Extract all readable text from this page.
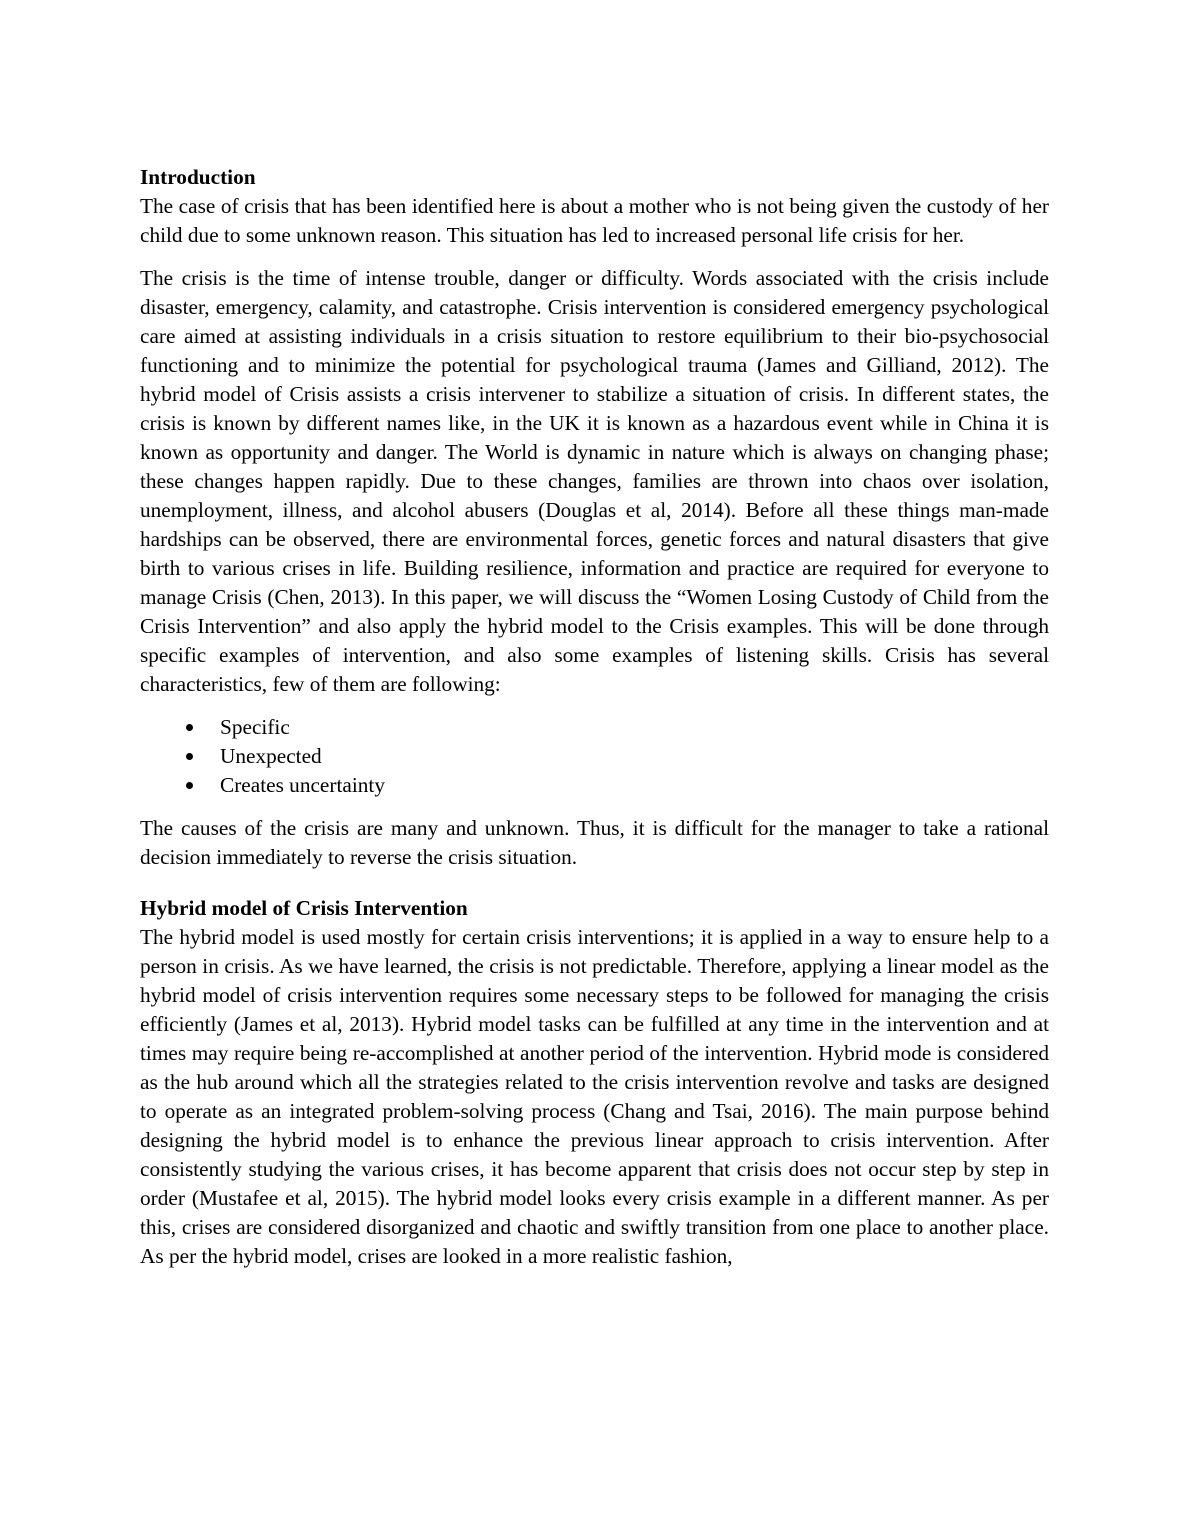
Introduction

The case of crisis that has been identified here is about a mother who is not being given the custody of her child due to some unknown reason. This situation has led to increased personal life crisis for her.

The crisis is the time of intense trouble, danger or difficulty. Words associated with the crisis include disaster, emergency, calamity, and catastrophe. Crisis intervention is considered emergency psychological care aimed at assisting individuals in a crisis situation to restore equilibrium to their bio-psychosocial functioning and to minimize the potential for psychological trauma (James and Gilliand, 2012). The hybrid model of Crisis assists a crisis intervener to stabilize a situation of crisis. In different states, the crisis is known by different names like, in the UK it is known as a hazardous event while in China it is known as opportunity and danger. The World is dynamic in nature which is always on changing phase; these changes happen rapidly. Due to these changes, families are thrown into chaos over isolation, unemployment, illness, and alcohol abusers (Douglas et al, 2014). Before all these things man-made hardships can be observed, there are environmental forces, genetic forces and natural disasters that give birth to various crises in life. Building resilience, information and practice are required for everyone to manage Crisis (Chen, 2013). In this paper, we will discuss the “Women Losing Custody of Child from the Crisis Intervention” and also apply the hybrid model to the Crisis examples. This will be done through specific examples of intervention, and also some examples of listening skills. Crisis has several characteristics, few of them are following:

Specific
Unexpected
Creates uncertainty

The causes of the crisis are many and unknown. Thus, it is difficult for the manager to take a rational decision immediately to reverse the crisis situation.

Hybrid model of Crisis Intervention

The hybrid model is used mostly for certain crisis interventions; it is applied in a way to ensure help to a person in crisis. As we have learned, the crisis is not predictable. Therefore, applying a linear model as the hybrid model of crisis intervention requires some necessary steps to be followed for managing the crisis efficiently (James et al, 2013). Hybrid model tasks can be fulfilled at any time in the intervention and at times may require being re-accomplished at another period of the intervention. Hybrid mode is considered as the hub around which all the strategies related to the crisis intervention revolve and tasks are designed to operate as an integrated problem-solving process (Chang and Tsai, 2016). The main purpose behind designing the hybrid model is to enhance the previous linear approach to crisis intervention. After consistently studying the various crises, it has become apparent that crisis does not occur step by step in order (Mustafee et al, 2015). The hybrid model looks every crisis example in a different manner. As per this, crises are considered disorganized and chaotic and swiftly transition from one place to another place. As per the hybrid model, crises are looked in a more realistic fashion,
